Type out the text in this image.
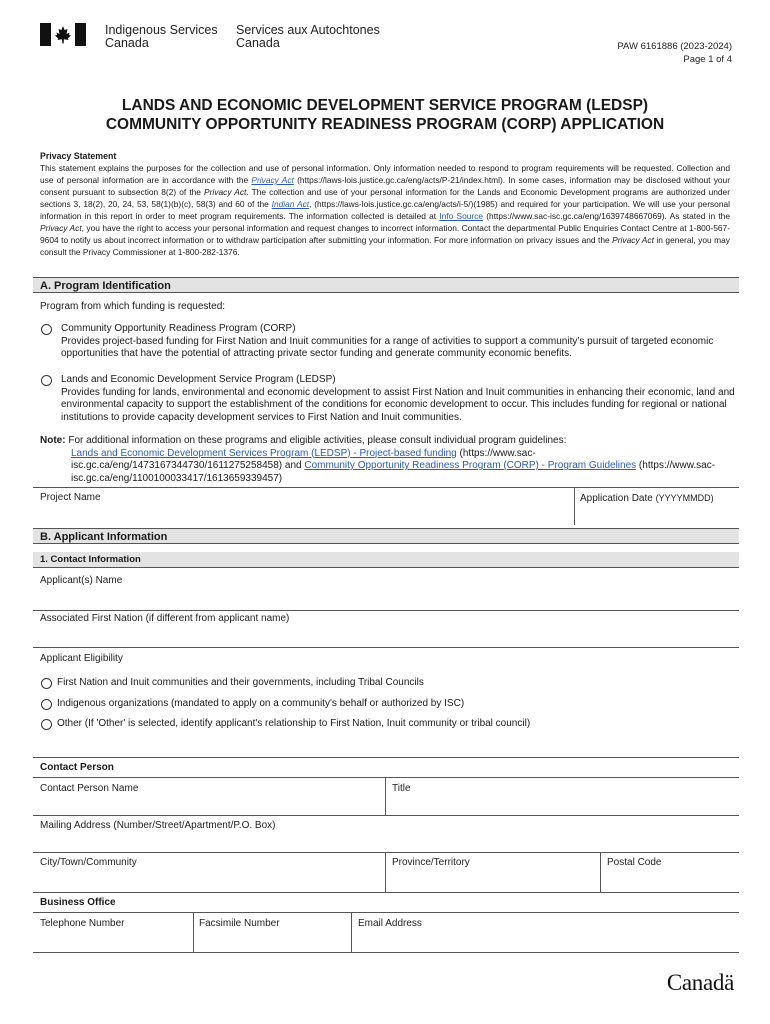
Indigenous Services
Canada
Services aux Autochtones
Canada	PAW 6161886 (2023-2024)
Page 1 of 4
LANDS AND ECONOMIC DEVELOPMENT SERVICE PROGRAM (LEDSP)
COMMUNITY OPPORTUNITY READINESS PROGRAM (CORP) APPLICATION
Privacy Statement
This statement explains the purposes for the collection and use of personal information. Only information needed to respond to program requirements will be requested. Collection and use of personal information are in accordance with the Privacy Act (https://laws-lois.justice.gc.ca/eng/acts/P-21/index.html). In some cases, information may be disclosed without your consent pursuant to subsection 8(2) of the Privacy Act. The collection and use of your personal information for the Lands and Economic Development programs are authorized under sections 3, 18(2), 20, 24, 53, 58(1)(b)(c), 58(3) and 60 of the Indian Act, (https://laws-lois.justice.gc.ca/eng/acts/i-5/)(1985) and required for your participation. We will use your personal information in this report in order to meet program requirements. The information collected is detailed at Info Source (https://www.sac-isc.gc.ca/eng/1639748667069). As stated in the Privacy Act, you have the right to access your personal information and request changes to incorrect information. Contact the departmental Public Enquiries Contact Centre at 1-800-567-9604 to notify us about incorrect information or to withdraw participation after submitting your information. For more information on privacy issues and the Privacy Act in general, you may consult the Privacy Commissioner at 1-800-282-1376.
A. Program Identification
Program from which funding is requested:
Community Opportunity Readiness Program (CORP)
Provides project-based funding for First Nation and Inuit communities for a range of activities to support a community’s pursuit of targeted economic opportunities that have the potential of attracting private sector funding and generate community economic benefits.
Lands and Economic Development Service Program (LEDSP)
Provides funding for lands, environmental and economic development to assist First Nation and Inuit communities in enhancing their economic, land and environmental capacity to support the establishment of the conditions for economic development to occur. This includes funding for regional or national institutions to provide capacity development services to First Nation and Inuit communities.
Note: For additional information on these programs and eligible activities, please consult individual program guidelines:
Lands and Economic Development Services Program (LEDSP) - Project-based funding (https://www.sac-isc.gc.ca/eng/1473167344730/1611275258458) and Community Opportunity Readiness Program (CORP) - Program Guidelines (https://www.sac-isc.gc.ca/eng/1100100033417/1613659339457)
Project Name	Application Date (YYYYMMDD)
B. Applicant Information
1. Contact Information
Applicant(s) Name
Associated First Nation (if different from applicant name)
Applicant Eligibility
First Nation and Inuit communities and their governments, including Tribal Councils
Indigenous organizations (mandated to apply on a community's behalf or authorized by ISC)
Other (If 'Other' is selected, identify applicant's relationship to First Nation, Inuit community or tribal council)
Contact Person
Contact Person Name	Title
Mailing Address (Number/Street/Apartment/P.O. Box)
City/Town/Community	Province/Territory	Postal Code
Business Office
Telephone Number	Facsimile Number	Email Address
Canadä
